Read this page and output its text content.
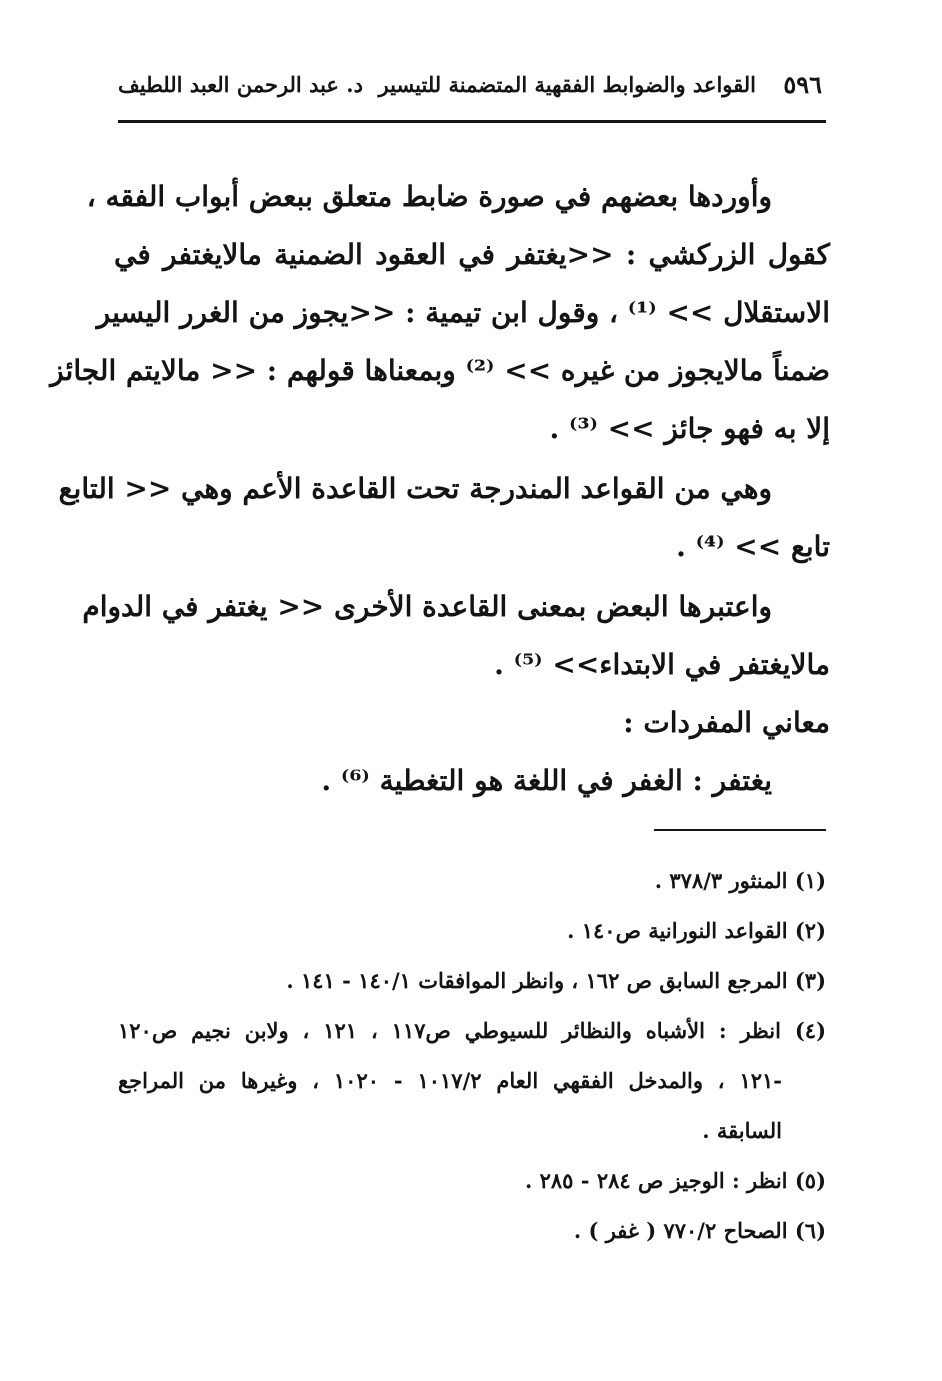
٥٩٦
القواعد والضوابط الفقهية المتضمنة للتيسير
د. عبد الرحمن العبد اللطيف
وأوردها بعضهم في صورة ضابط متعلق ببعض أبواب الفقه ،
كقول الزركشي : <<يغتفر في العقود الضمنية مالايغتفر في
الاستقلال >> ⁽¹⁾ ، وقول ابن تيمية : <<يجوز من الغرر اليسير
ضمناً مالايجوز من غيره >> ⁽²⁾ وبمعناها قولهم : << مالايتم الجائز
إلا به فهو جائز >> ⁽³⁾ .
وهي من القواعد المندرجة تحت القاعدة الأعم وهي << التابع
تابع >> ⁽⁴⁾ .
واعتبرها البعض بمعنى القاعدة الأخرى << يغتفر في الدوام
مالايغتفر في الابتداء>> ⁽⁵⁾ .
معاني المفردات :
يغتفر : الغفر في اللغة هو التغطية ⁽⁶⁾ .
(١) المنثور ٣٧٨/٣ .
(٢) القواعد النورانية ص١٤٠ .
(٣) المرجع السابق ص ١٦٢ ، وانظر الموافقات ١٤٠/١ - ١٤١ .
(٤) انظر : الأشباه والنظائر للسيوطي ص١١٧ ، ١٢١ ، ولابن نجيم ص١٢٠
-١٢١ ، والمدخل الفقهي العام ١٠١٧/٢ - ١٠٢٠ ، وغيرها من المراجع
السابقة .
(٥) انظر : الوجيز ص ٢٨٤ - ٢٨٥ .
(٦) الصحاح ٧٧٠/٢ ( غفر ) .
